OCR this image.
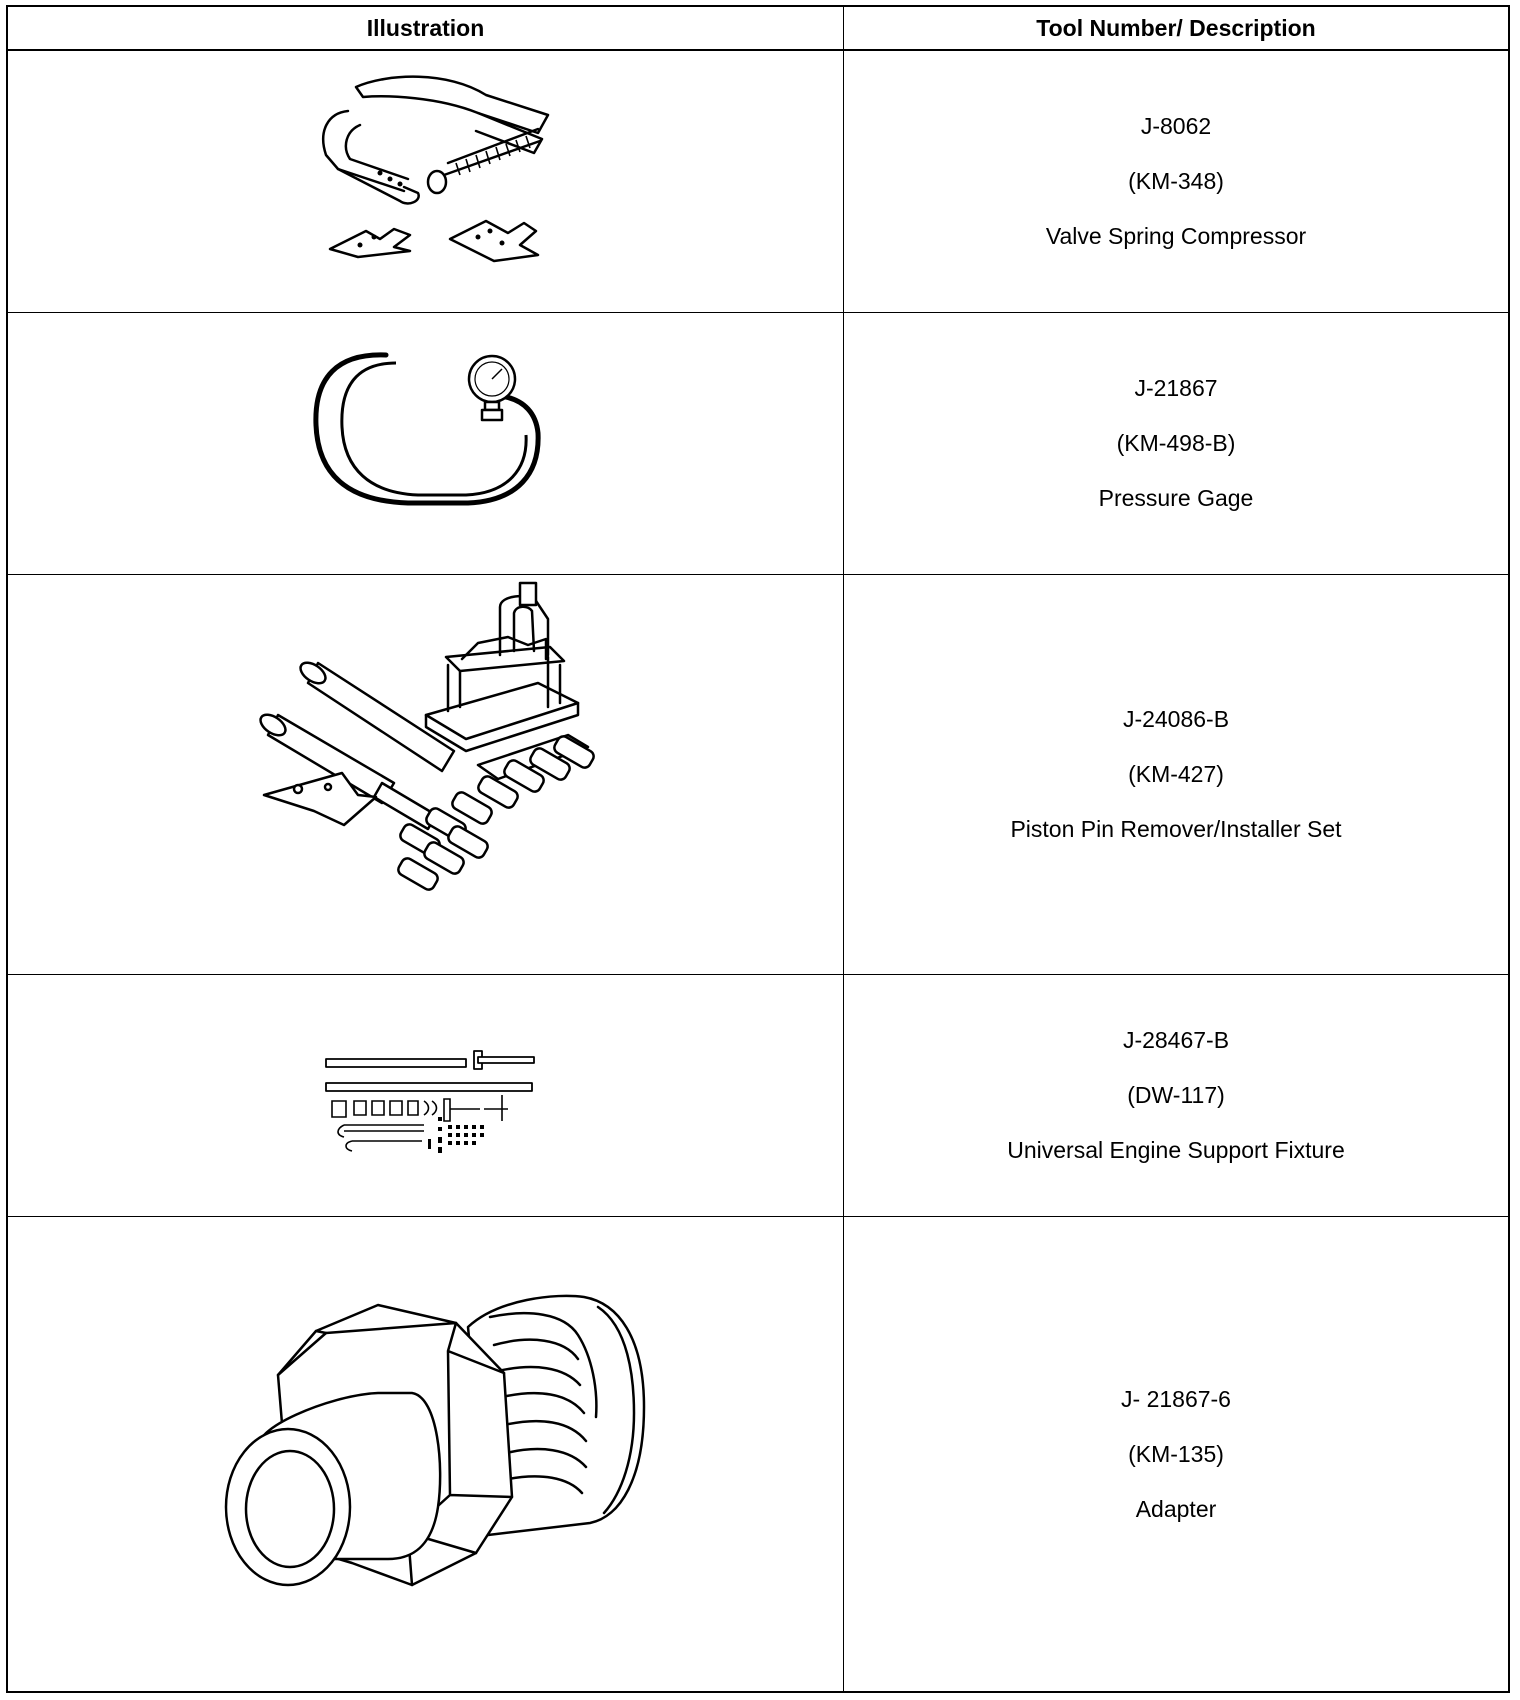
Illustration	Tool Number/ Description
J-8062
(KM-348)
Valve Spring Compressor
J-21867
(KM-498-B)
Pressure Gage
J-24086-B
(KM-427)
Piston Pin Remover/Installer Set
J-28467-B
(DW-117)
Universal Engine Support Fixture
J- 21867-6
(KM-135)
Adapter
